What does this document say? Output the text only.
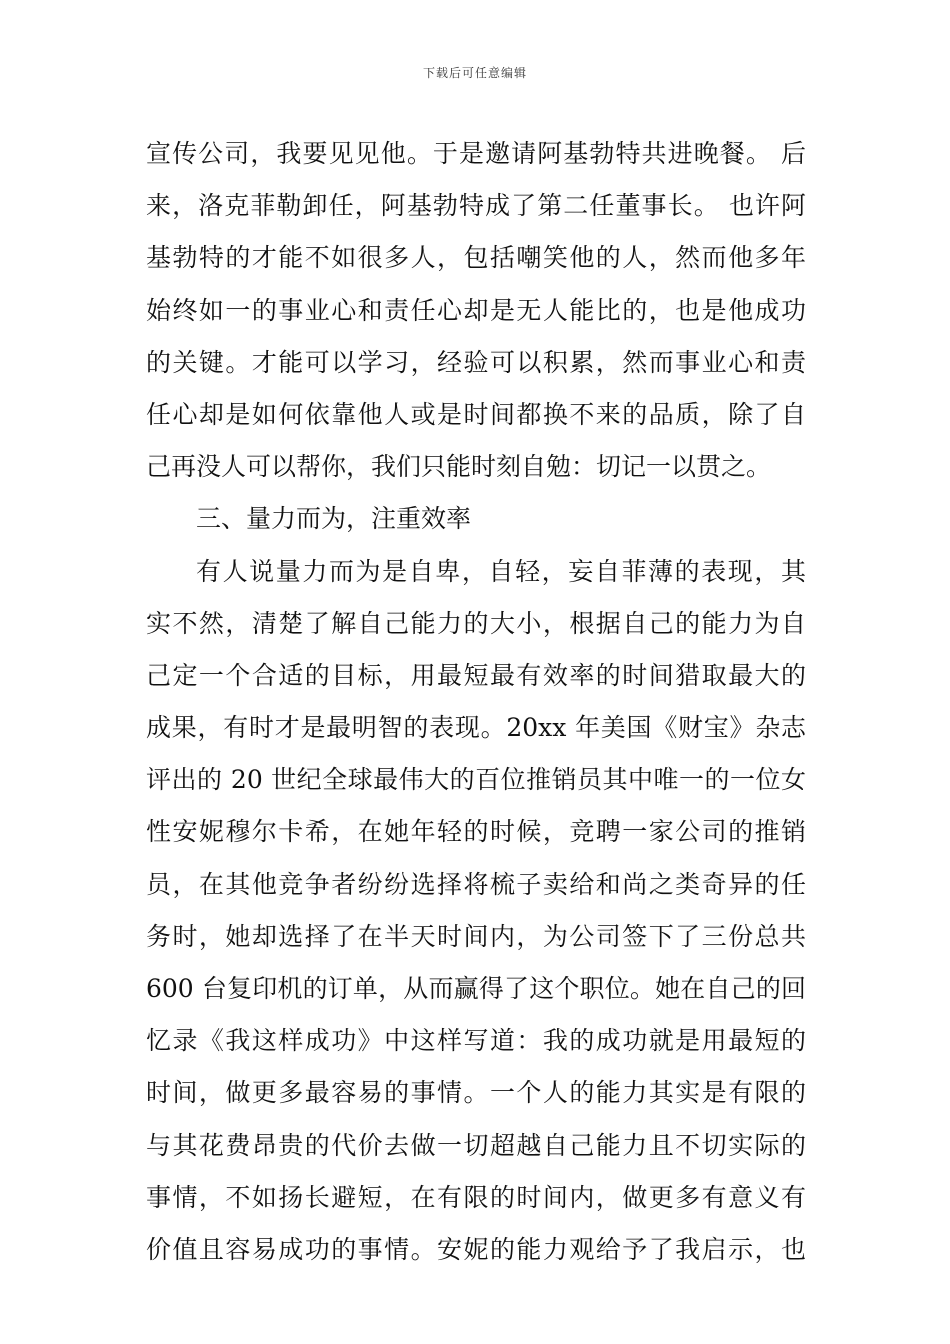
下载后可任意编辑
宣传公司，我要见见他。于是邀请阿基勃特共进晚餐。 后
来，洛克菲勒卸任，阿基勃特成了第二任董事长。 也许阿
基勃特的才能不如很多人，包括嘲笑他的人，然而他多年
始终如一的事业心和责任心却是无人能比的，也是他成功
的关键。才能可以学习，经验可以积累，然而事业心和责
任心却是如何依靠他人或是时间都换不来的品质，除了自
己再没人可以帮你，我们只能时刻自勉：切记一以贯之。
三、量力而为，注重效率
有人说量力而为是自卑，自轻，妄自菲薄的表现，其
实不然，清楚了解自己能力的大小，根据自己的能力为自
己定一个合适的目标，用最短最有效率的时间猎取最大的
成果，有时才是最明智的表现。20xx 年美国《财宝》杂志
评出的 20 世纪全球最伟大的百位推销员其中唯一的一位女
性安妮穆尔卡希，在她年轻的时候，竞聘一家公司的推销
员，在其他竞争者纷纷选择将梳子卖给和尚之类奇异的任
务时，她却选择了在半天时间内，为公司签下了三份总共
600 台复印机的订单，从而赢得了这个职位。她在自己的回
忆录《我这样成功》中这样写道：我的成功就是用最短的
时间，做更多最容易的事情。一个人的能力其实是有限的
与其花费昂贵的代价去做一切超越自己能力且不切实际的
事情，不如扬长避短，在有限的时间内，做更多有意义有
价值且容易成功的事情。安妮的能力观给予了我启示，也
